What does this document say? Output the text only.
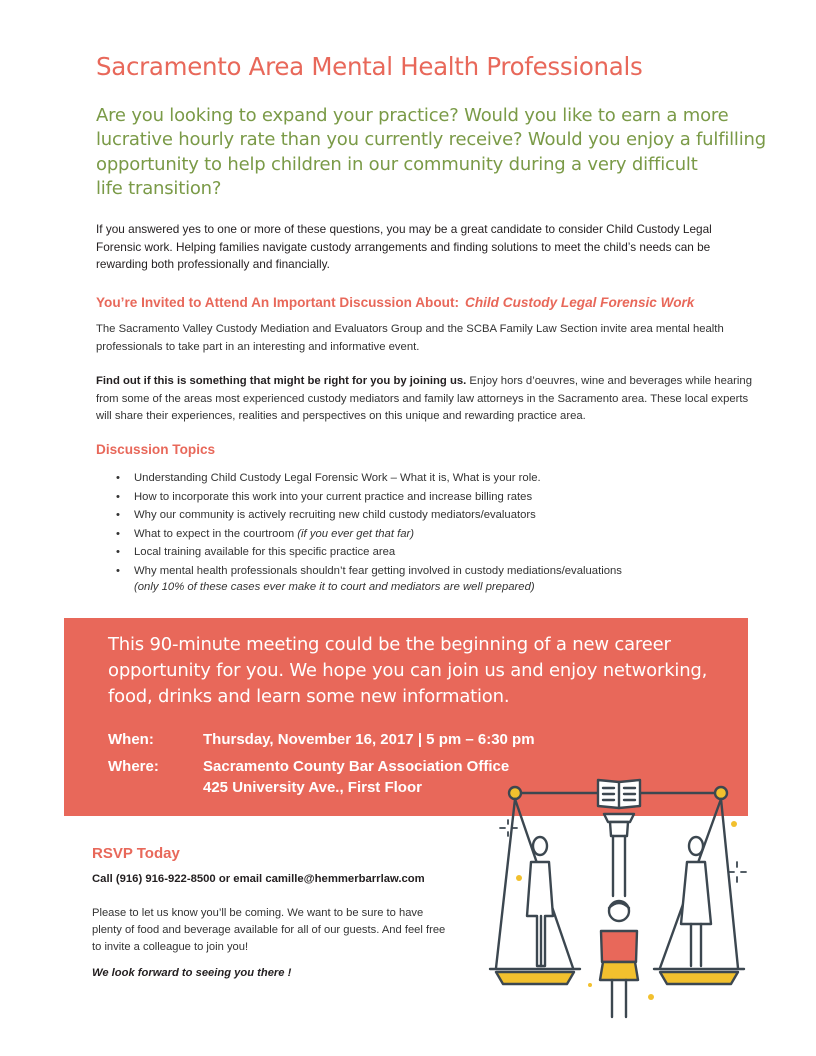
Sacramento Area Mental Health Professionals

Are you looking to expand your practice? Would you like to earn a more
lucrative hourly rate than you currently receive? Would you enjoy a fulfilling
opportunity to help children in our community during a very difficult
life transition?

If you answered yes to one or more of these questions, you may be a great candidate to consider Child Custody Legal Forensic work. Helping families navigate custody arrangements and finding solutions to meet the child’s needs can be rewarding both professionally and financially.

You’re Invited to Attend An Important Discussion About: Child Custody Legal Forensic Work

The Sacramento Valley Custody Mediation and Evaluators Group and the SCBA Family Law Section invite area mental health professionals to take part in an interesting and informative event.

Find out if this is something that might be right for you by joining us. Enjoy hors d’oeuvres, wine and beverages while hearing from some of the areas most experienced custody mediators and family law attorneys in the Sacramento area. These local experts will share their experiences, realities and perspectives on this unique and rewarding practice area.

Discussion Topics
• Understanding Child Custody Legal Forensic Work – What it is, What is your role.
• How to incorporate this work into your current practice and increase billing rates
• Why our community is actively recruiting new child custody mediators/evaluators
• What to expect in the courtroom (if you ever get that far)
• Local training available for this specific practice area
• Why mental health professionals shouldn’t fear getting involved in custody mediations/evaluations
(only 10% of these cases ever make it to court and mediators are well prepared)

This 90-minute meeting could be the beginning of a new career
opportunity for you. We hope you can join us and enjoy networking,
food, drinks and learn some new information.

When:	Thursday, November 16, 2017 | 5 pm – 6:30 pm
Where:	Sacramento County Bar Association Office
425 University Ave., First Floor
RSVP Today

Call (916) 916-922-8500 or email camille@hemmerbarrlaw.com

Please to let us know you’ll be coming. We want to be sure to have
plenty of food and beverage available for all of our guests. And feel free
to invite a colleague to join you!

We look forward to seeing you there !
